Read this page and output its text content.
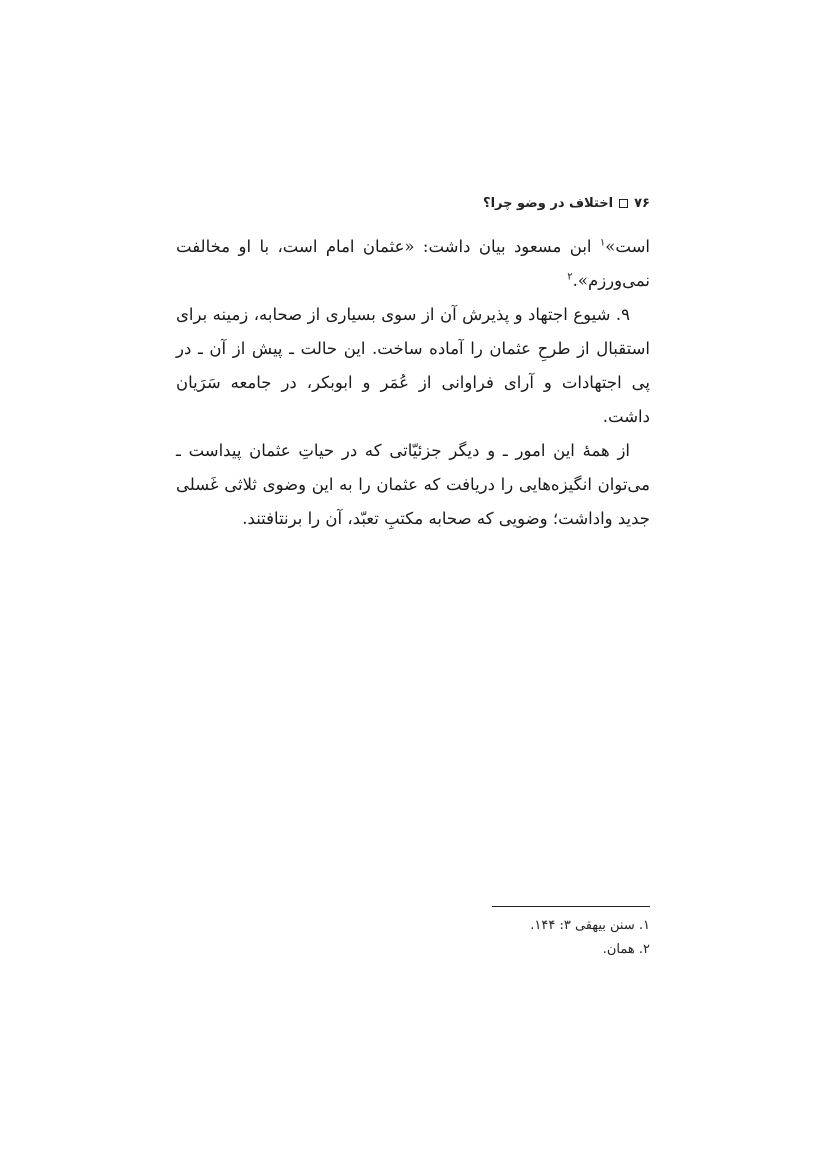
۷۶
اختلاف در وضو چرا؟

است»$^۱$ ابن مسعود بیان داشت: «عثمان امام است، با او مخالفت نمی‌ورزم».$^۲$

۹. شیوع اجتهاد و پذیرش آن از سوی بسیاری از صحابه، زمینه برای استقبال از طرحِ عثمان را آماده ساخت. این حالت ـ پیش از آن ـ در پی اجتهادات و آرای فراوانی از عُمَر و ابوبکر، در جامعه سَرَیان داشت.

از همهٔ این امور ـ و دیگر جزئیّاتی که در حیاتِ عثمان پیداست ـ می‌توان انگیزه‌هایی را دریافت که عثمان را به این وضوی ثلاثی غَسلی جدید واداشت؛ وضویی که صحابه مکتبِ تعبّد، آن را برنتافتند.

۱. سنن بیهقی ۳: ۱۴۴.
۲. همان.
